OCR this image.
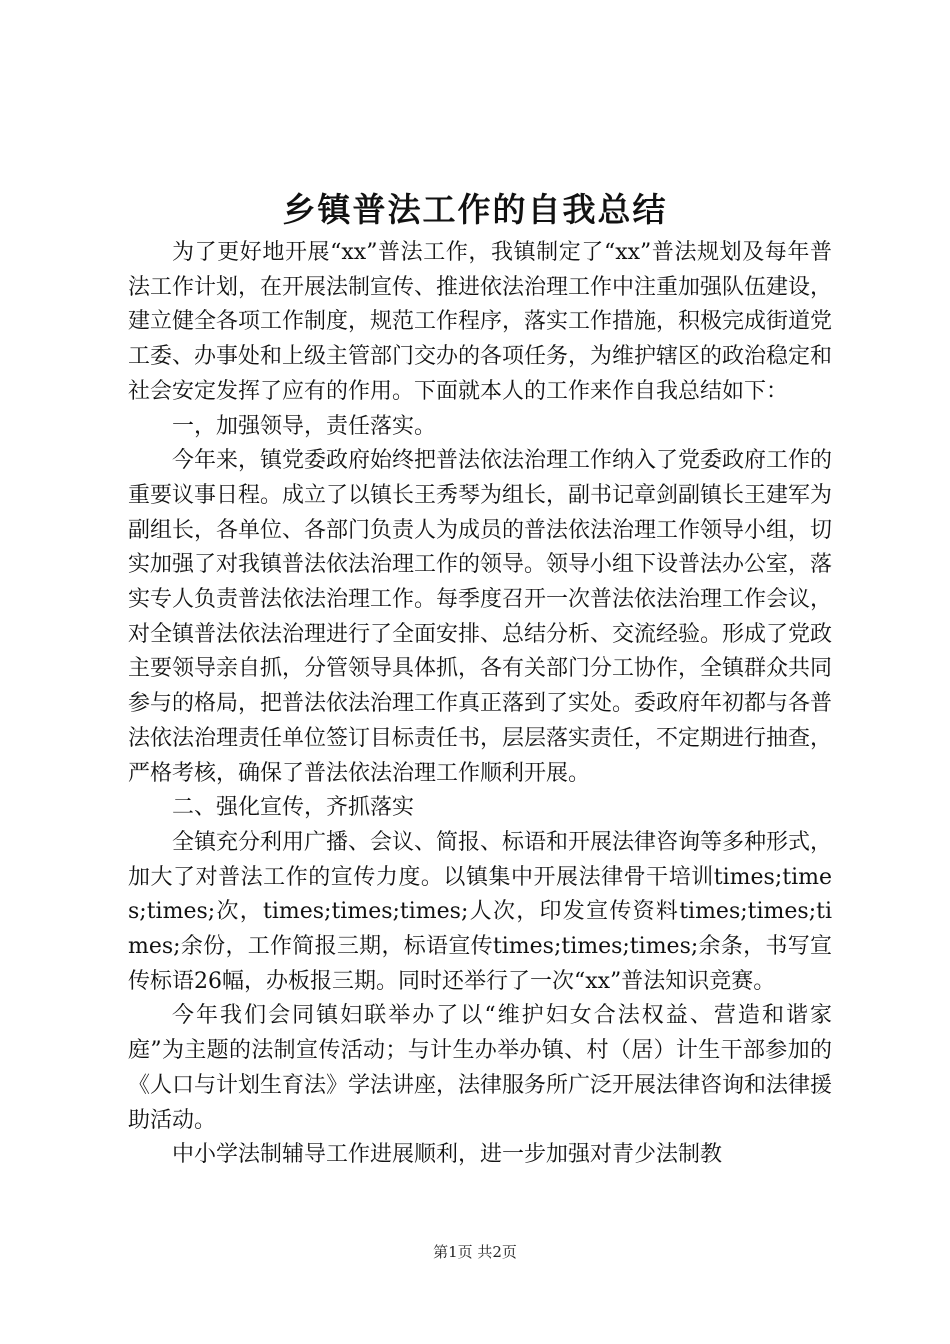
乡镇普法工作的自我总结

为了更好地开展“xx”普法工作，我镇制定了“xx”普法规划及每年普法工作计划，在开展法制宣传、推进依法治理工作中注重加强队伍建设，建立健全各项工作制度，规范工作程序，落实工作措施，积极完成街道党工委、办事处和上级主管部门交办的各项任务，为维护辖区的政治稳定和社会安定发挥了应有的作用。下面就本人的工作来作自我总结如下：

一，加强领导，责任落实。

今年来，镇党委政府始终把普法依法治理工作纳入了党委政府工作的重要议事日程。成立了以镇长王秀琴为组长，副书记章剑副镇长王建军为副组长，各单位、各部门负责人为成员的普法依法治理工作领导小组，切实加强了对我镇普法依法治理工作的领导。领导小组下设普法办公室，落实专人负责普法依法治理工作。每季度召开一次普法依法治理工作会议，对全镇普法依法治理进行了全面安排、总结分析、交流经验。形成了党政主要领导亲自抓，分管领导具体抓，各有关部门分工协作，全镇群众共同参与的格局，把普法依法治理工作真正落到了实处。委政府年初都与各普法依法治理责任单位签订目标责任书，层层落实责任，不定期进行抽查，严格考核，确保了普法依法治理工作顺利开展。

二、强化宣传，齐抓落实

全镇充分利用广播、会议、简报、标语和开展法律咨询等多种形式，加大了对普法工作的宣传力度。以镇集中开展法律骨干培训times;times;times;次，times;times;times;人次，印发宣传资料times;times;times;余份，工作简报三期，标语宣传times;times;times;余条，书写宣传标语26幅，办板报三期。同时还举行了一次“xx”普法知识竞赛。

今年我们会同镇妇联举办了以“维护妇女合法权益、营造和谐家庭”为主题的法制宣传活动；与计生办举办镇、村（居）计生干部参加的《人口与计划生育法》学法讲座，法律服务所广泛开展法律咨询和法律援助活动。

中小学法制辅导工作进展顺利，进一步加强对青少法制教

第1页 共2页
